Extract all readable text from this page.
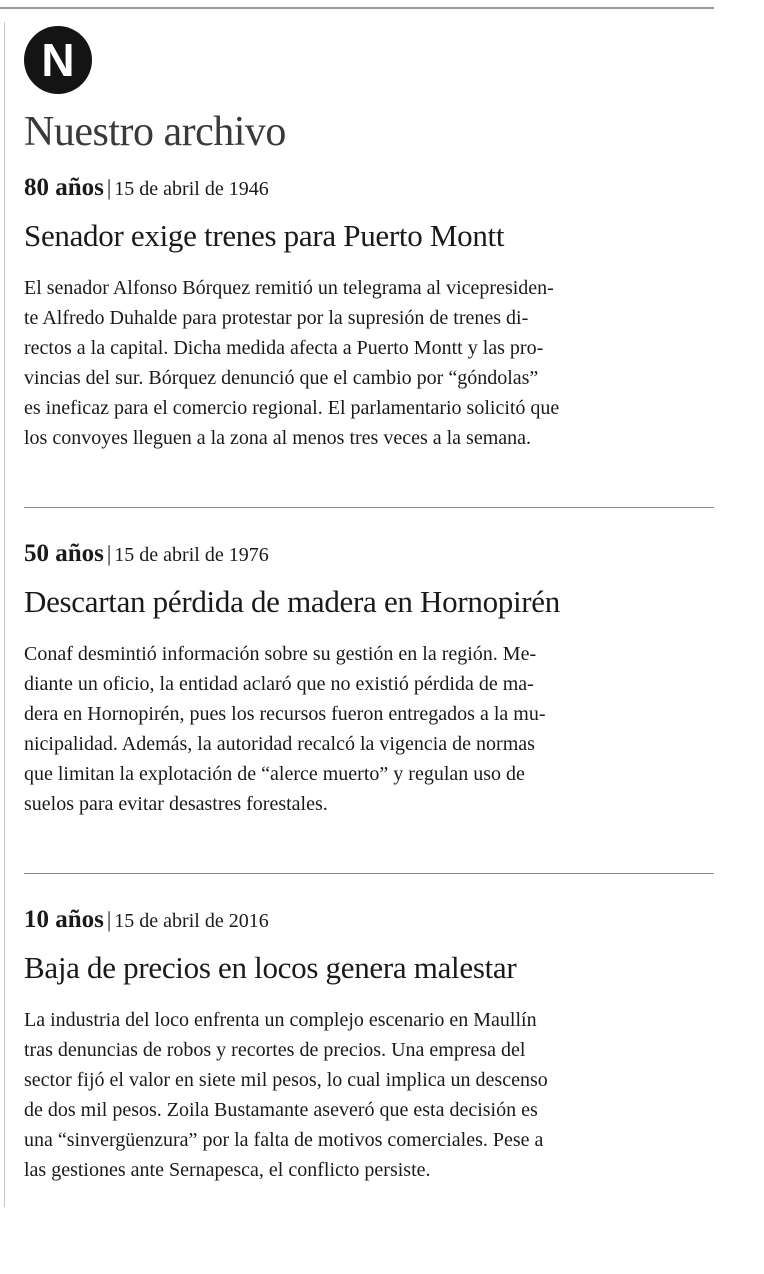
N
Nuestro archivo

80 años | 15 de abril de 1946

Senador exige trenes para Puerto Montt

El senador Alfonso Bórquez remitió un telegrama al vicepresiden-
te Alfredo Duhalde para protestar por la supresión de trenes di-
rectos a la capital. Dicha medida afecta a Puerto Montt y las pro-
vincias del sur. Bórquez denunció que el cambio por “góndolas”
es ineficaz para el comercio regional. El parlamentario solicitó que
los convoyes lleguen a la zona al menos tres veces a la semana.

50 años | 15 de abril de 1976

Descartan pérdida de madera en Hornopirén

Conaf desmintió información sobre su gestión en la región. Me-
diante un oficio, la entidad aclaró que no existió pérdida de ma-
dera en Hornopirén, pues los recursos fueron entregados a la mu-
nicipalidad. Además, la autoridad recalcó la vigencia de normas
que limitan la explotación de “alerce muerto” y regulan uso de
suelos para evitar desastres forestales.

10 años | 15 de abril de 2016

Baja de precios en locos genera malestar

La industria del loco enfrenta un complejo escenario en Maullín
tras denuncias de robos y recortes de precios. Una empresa del
sector fijó el valor en siete mil pesos, lo cual implica un descenso
de dos mil pesos. Zoila Bustamante aseveró que esta decisión es
una “sinvergüenzura” por la falta de motivos comerciales. Pese a
las gestiones ante Sernapesca, el conflicto persiste.
